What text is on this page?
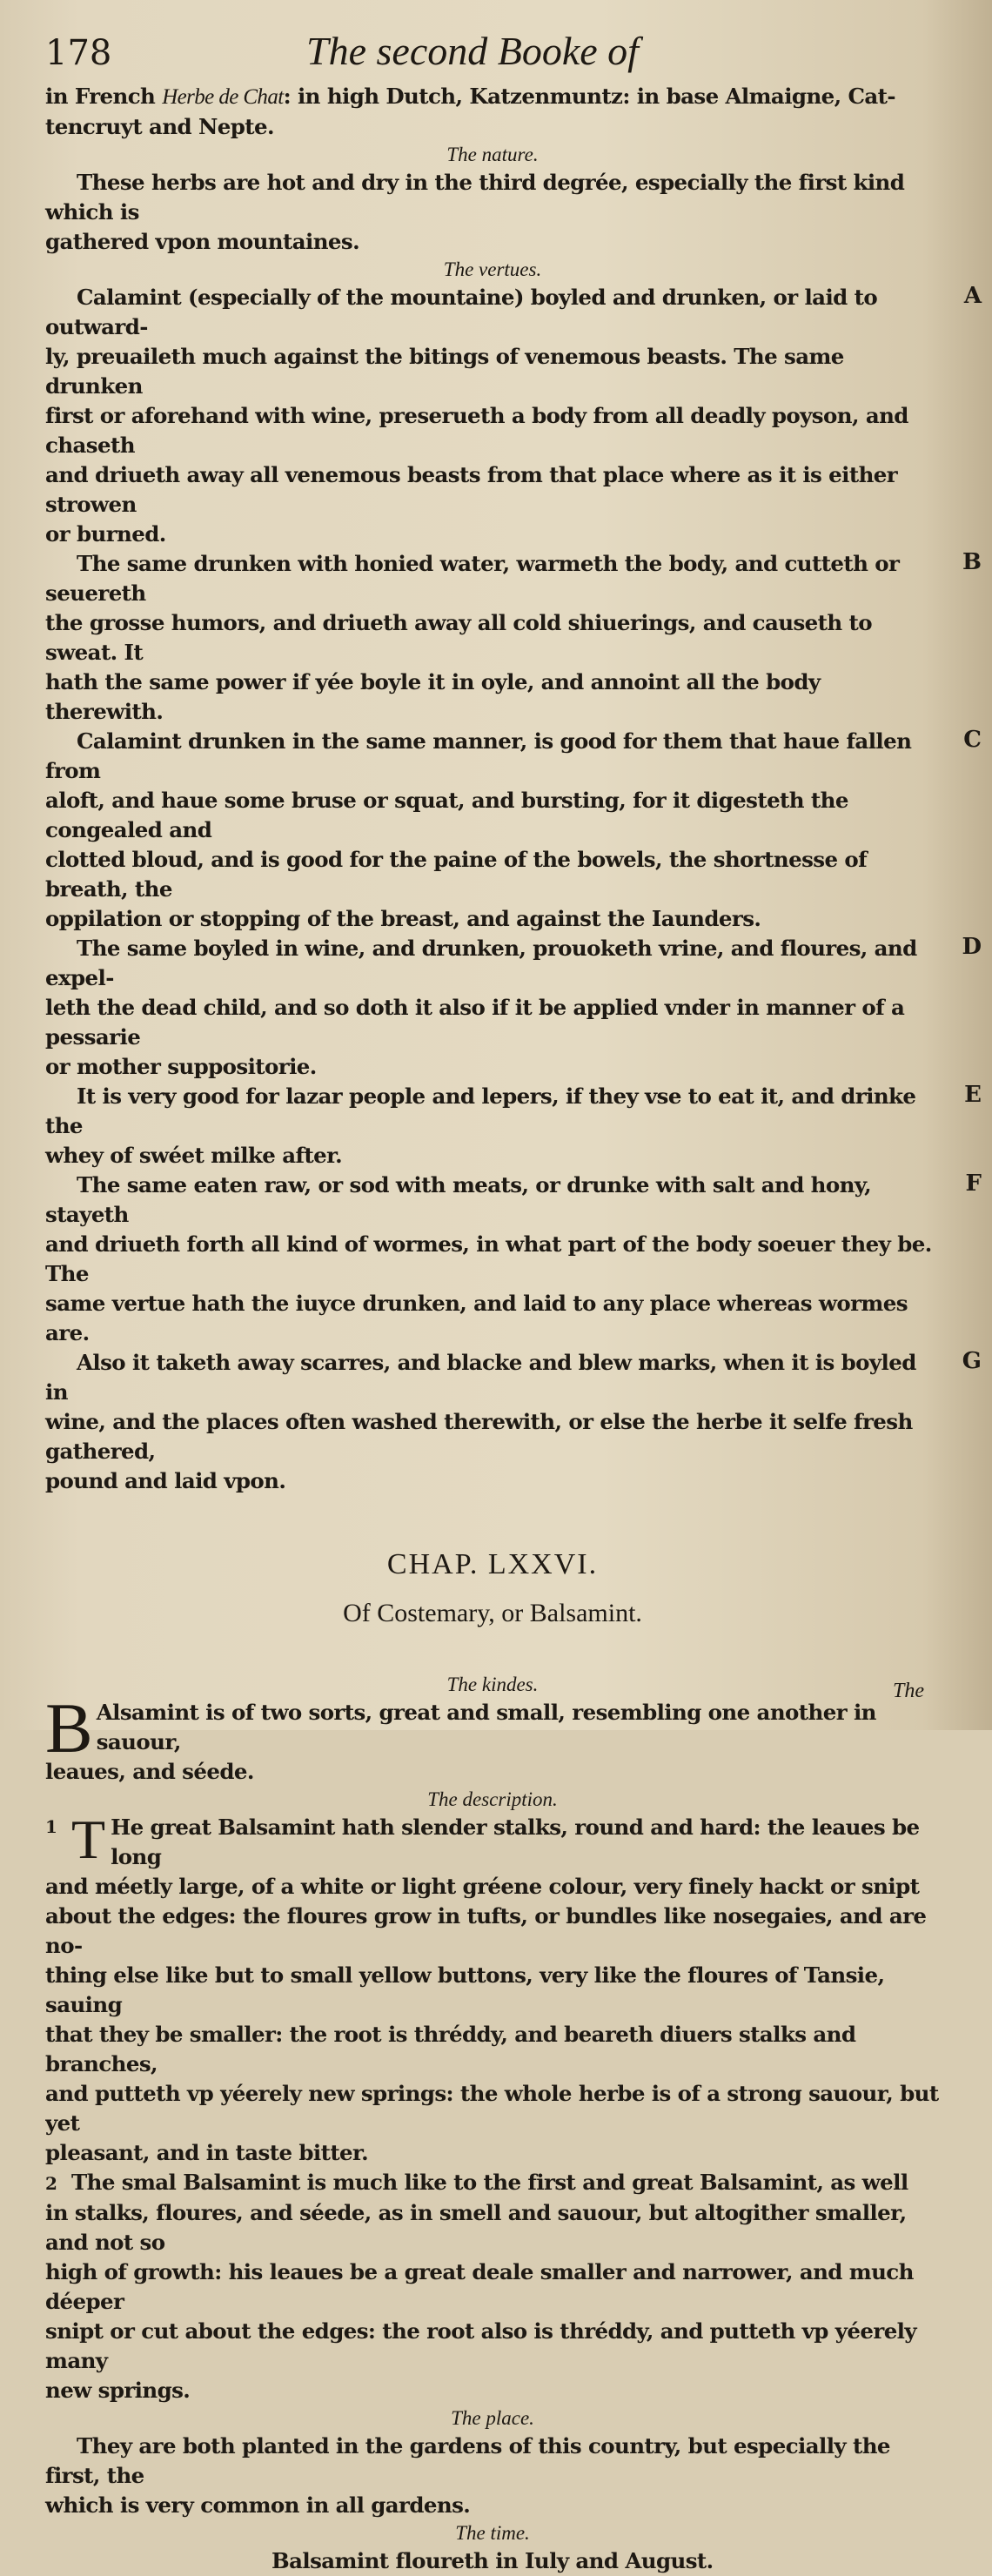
178	The second Booke of

in French Herbe de Chat: in high Dutch, Katzenmuntz: in base Almaigne, Cat-

tencruyt and Nepte.

The nature.

These herbs are hot and dry in the third degrée, especially the first kind which is

gathered vpon mountaines.

The vertues.

A

Calamint (especially of the mountaine) boyled and drunken, or laid to outward-

ly, preuaileth much against the bitings of venemous beasts. The same drunken

first or aforehand with wine, preserueth a body from all deadly poyson, and chaseth

and driueth away all venemous beasts from that place where as it is either strowen

or burned.

B

The same drunken with honied water, warmeth the body, and cutteth or seuereth

the grosse humors, and driueth away all cold shiuerings, and causeth to sweat. It

hath the same power if yée boyle it in oyle, and annoint all the body therewith.

C

Calamint drunken in the same manner, is good for them that haue fallen from

aloft, and haue some bruse or squat, and bursting, for it digesteth the congealed and

clotted bloud, and is good for the paine of the bowels, the shortnesse of breath, the

oppilation or stopping of the breast, and against the Iaunders.

D

The same boyled in wine, and drunken, prouoketh vrine, and floures, and expel-

leth the dead child, and so doth it also if it be applied vnder in manner of a pessarie

or mother suppositorie.

E

It is very good for lazar people and lepers, if they vse to eat it, and drinke the

whey of swéet milke after.

F

The same eaten raw, or sod with meats, or drunke with salt and hony, stayeth

and driueth forth all kind of wormes, in what part of the body soeuer they be. The

same vertue hath the iuyce drunken, and laid to any place whereas wormes are.

G

Also it taketh away scarres, and blacke and blew marks, when it is boyled in

wine, and the places often washed therewith, or else the herbe it selfe fresh gathered,

pound and laid vpon.

CHAP. LXXVI.
Of Costemary, or Balsamint.

The kindes.

B Alsamint is of two sorts, great and small, resembling one another in sauour,

leaues, and séede.

The description.

1 T He great Balsamint hath slender stalks, round and hard: the leaues be long

and méetly large, of a white or light gréene colour, very finely hackt or snipt

about the edges: the floures grow in tufts, or bundles like nosegaies, and are no-

thing else like but to small yellow buttons, very like the floures of Tansie, sauing

that they be smaller: the root is thréddy, and beareth diuers stalks and branches,

and putteth vp yéerely new springs: the whole herbe is of a strong sauour, but yet

pleasant, and in taste bitter.

2 The smal Balsamint is much like to the first and great Balsamint, as well

in stalks, floures, and séede, as in smell and sauour, but altogither smaller, and not so

high of growth: his leaues be a great deale smaller and narrower, and much déeper

snipt or cut about the edges: the root also is thréddy, and putteth vp yéerely many

new springs.

The place.

They are both planted in the gardens of this country, but especially the first, the

which is very common in all gardens.

The time.

Balsamint floureth in Iuly and August.

The
